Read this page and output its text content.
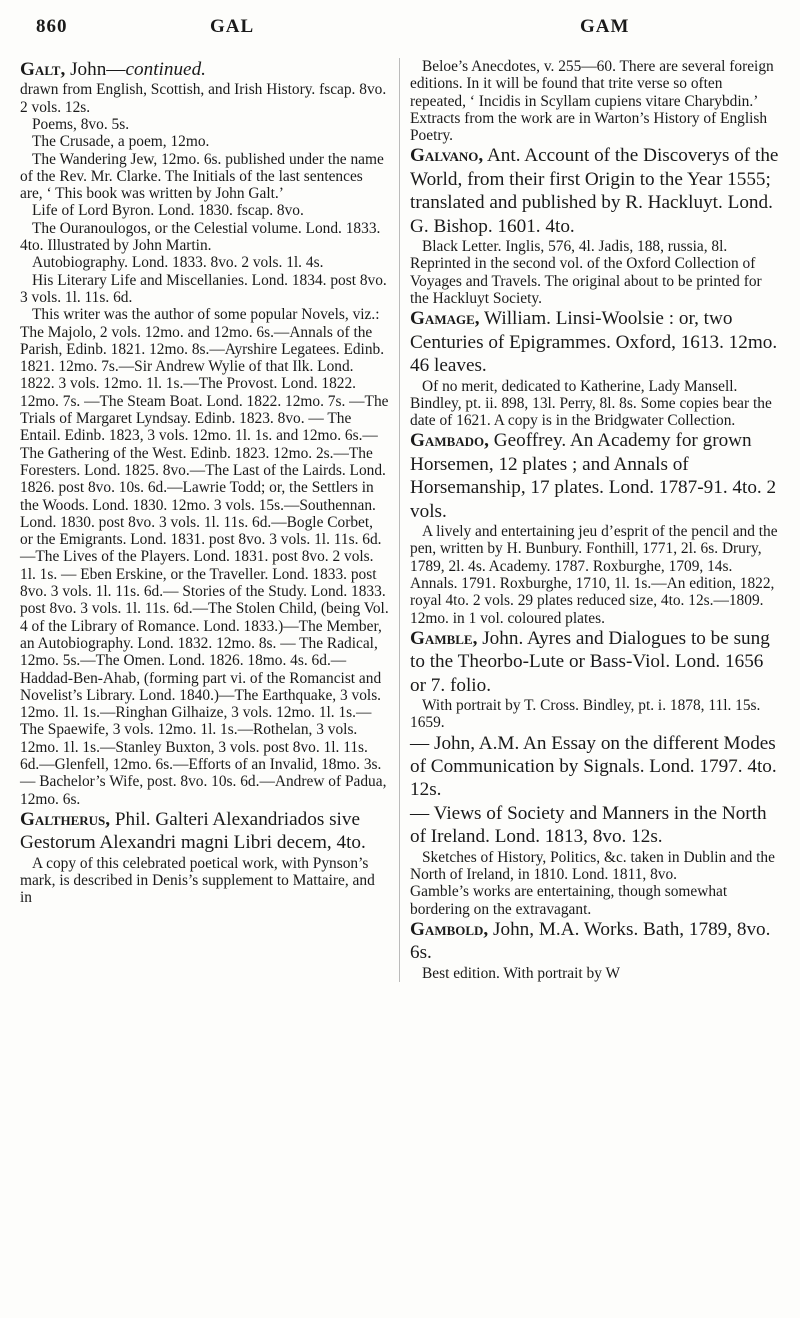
860	GAL	GAM

Galt, John—continued.

drawn from English, Scottish, and Irish History. fscap. 8vo. 2 vols. 12s.

Poems, 8vo. 5s.

The Crusade, a poem, 12mo.

The Wandering Jew, 12mo. 6s. published under the name of the Rev. Mr. Clarke. The Initials of the last sentences are, ‘ This book was written by John Galt.’

Life of Lord Byron. Lond. 1830. fscap. 8vo.

The Ouranoulogos, or the Celestial volume. Lond. 1833. 4to. Illustrated by John Martin.

Autobiography. Lond. 1833. 8vo. 2 vols. 1l. 4s.

His Literary Life and Miscellanies. Lond. 1834. post 8vo. 3 vols. 1l. 11s. 6d.

This writer was the author of some popular Novels, viz.: The Majolo, 2 vols. 12mo. and 12mo. 6s.—Annals of the Parish, Edinb. 1821. 12mo. 8s.—Ayrshire Legatees. Edinb. 1821. 12mo. 7s.—Sir Andrew Wylie of that Ilk. Lond. 1822. 3 vols. 12mo. 1l. 1s.—The Provost. Lond. 1822. 12mo. 7s. —The Steam Boat. Lond. 1822. 12mo. 7s. —The Trials of Margaret Lyndsay. Edinb. 1823. 8vo. — The Entail. Edinb. 1823, 3 vols. 12mo. 1l. 1s. and 12mo. 6s.—The Gathering of the West. Edinb. 1823. 12mo. 2s.—The Foresters. Lond. 1825. 8vo.—The Last of the Lairds. Lond. 1826. post 8vo. 10s. 6d.—Lawrie Todd; or, the Settlers in the Woods. Lond. 1830. 12mo. 3 vols. 15s.—Southennan. Lond. 1830. post 8vo. 3 vols. 1l. 11s. 6d.—Bogle Corbet, or the Emigrants. Lond. 1831. post 8vo. 3 vols. 1l. 11s. 6d.—The Lives of the Players. Lond. 1831. post 8vo. 2 vols. 1l. 1s. — Eben Erskine, or the Traveller. Lond. 1833. post 8vo. 3 vols. 1l. 11s. 6d.— Stories of the Study. Lond. 1833. post 8vo. 3 vols. 1l. 11s. 6d.—The Stolen Child, (being Vol. 4 of the Library of Romance. Lond. 1833.)—The Member, an Autobiography. Lond. 1832. 12mo. 8s. — The Radical, 12mo. 5s.—The Omen. Lond. 1826. 18mo. 4s. 6d.—Haddad-Ben-Ahab, (forming part vi. of the Romancist and Novelist’s Library. Lond. 1840.)—The Earthquake, 3 vols. 12mo. 1l. 1s.—Ringhan Gilhaize, 3 vols. 12mo. 1l. 1s.—The Spaewife, 3 vols. 12mo. 1l. 1s.—Rothelan, 3 vols. 12mo. 1l. 1s.—Stanley Buxton, 3 vols. post 8vo. 1l. 11s. 6d.—Glenfell, 12mo. 6s.—Efforts of an Invalid, 18mo. 3s.— Bachelor’s Wife, post. 8vo. 10s. 6d.—Andrew of Padua, 12mo. 6s.

Galtherus, Phil. Galteri Alexandriados sive Gestorum Alexandri magni Libri decem, 4to.

A copy of this celebrated poetical work, with Pynson’s mark, is described in Denis’s supplement to Mattaire, and in

Beloe’s Anecdotes, v. 255—60. There are several foreign editions. In it will be found that trite verse so often repeated, ‘ Incidis in Scyllam cupiens vitare Charybdin.’ Extracts from the work are in Warton’s History of English Poetry.

Galvano, Ant. Account of the Discoverys of the World, from their first Origin to the Year 1555; translated and published by R. Hackluyt. Lond. G. Bishop. 1601. 4to.

Black Letter. Inglis, 576, 4l. Jadis, 188, russia, 8l. Reprinted in the second vol. of the Oxford Collection of Voyages and Travels. The original about to be printed for the Hackluyt Society.

Gamage, William. Linsi-Woolsie : or, two Centuries of Epigrammes. Oxford, 1613. 12mo. 46 leaves.

Of no merit, dedicated to Katherine, Lady Mansell. Bindley, pt. ii. 898, 13l. Perry, 8l. 8s. Some copies bear the date of 1621. A copy is in the Bridgwater Collection.

Gambado, Geoffrey. An Academy for grown Horsemen, 12 plates ; and Annals of Horsemanship, 17 plates. Lond. 1787-91. 4to. 2 vols.

A lively and entertaining jeu d’esprit of the pencil and the pen, written by H. Bunbury. Fonthill, 1771, 2l. 6s. Drury, 1789, 2l. 4s. Academy. 1787. Roxburghe, 1709, 14s. Annals. 1791. Roxburghe, 1710, 1l. 1s.—An edition, 1822, royal 4to. 2 vols. 29 plates reduced size, 4to. 12s.—1809. 12mo. in 1 vol. coloured plates.

Gamble, John. Ayres and Dialogues to be sung to the Theorbo-Lute or Bass-Viol. Lond. 1656 or 7. folio.

With portrait by T. Cross. Bindley, pt. i. 1878, 11l. 15s. 1659.

— John, A.M. An Essay on the different Modes of Communication by Signals. Lond. 1797. 4to. 12s.

— Views of Society and Manners in the North of Ireland. Lond. 1813, 8vo. 12s.

Sketches of History, Politics, &c. taken in Dublin and the North of Ireland, in 1810. Lond. 1811, 8vo.

Gamble’s works are entertaining, though somewhat bordering on the extravagant.

Gambold, John, M.A. Works. Bath, 1789, 8vo. 6s.

Best edition. With portrait by W
